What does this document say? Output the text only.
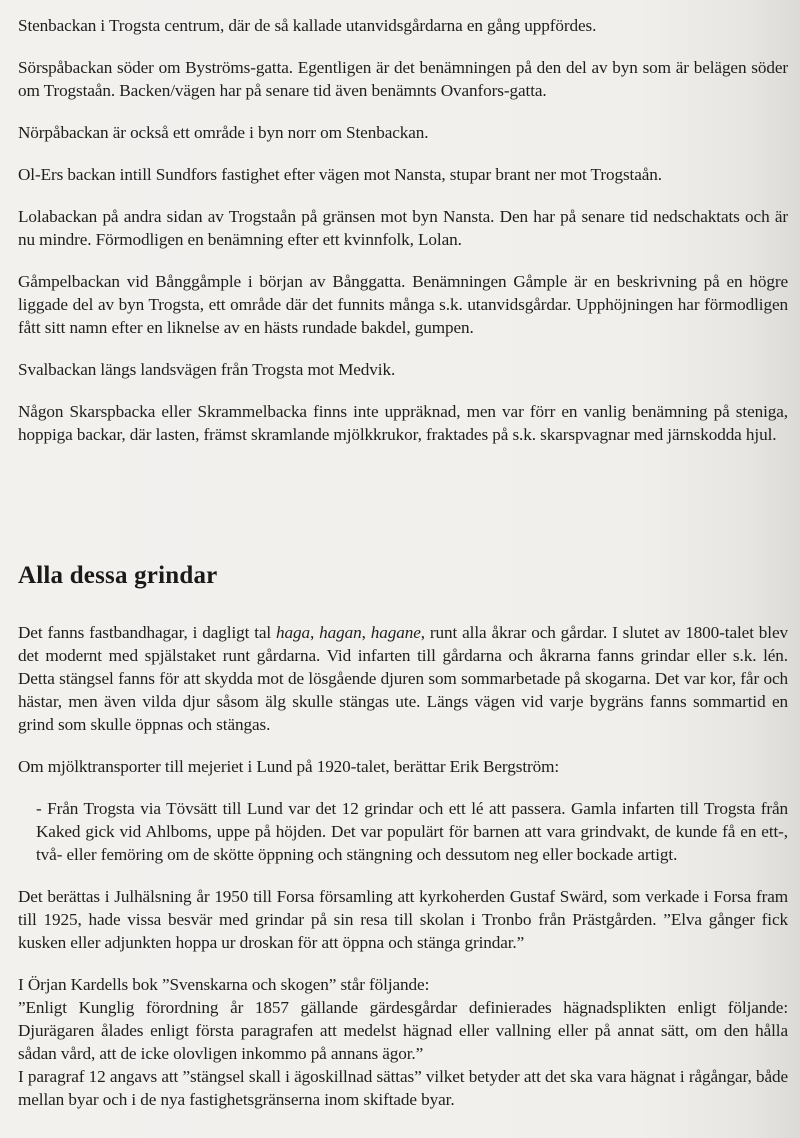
Stenbackan i Trogsta centrum, där de så kallade utanvidsgårdarna en gång uppfördes.

Sörspåbackan söder om Byströms-gatta. Egentligen är det benämningen på den del av byn som är belägen söder om Trogstaån. Backen/vägen har på senare tid även benämnts Ovanfors-gatta.

Nörpåbackan är också ett område i byn norr om Stenbackan.

Ol-Ers backan intill Sundfors fastighet efter vägen mot Nansta, stupar brant ner mot Trogstaån.

Lolabackan på andra sidan av Trogstaån på gränsen mot byn Nansta. Den har på senare tid nedschaktats och är nu mindre. Förmodligen en benämning efter ett kvinnfolk, Lolan.

Gåmpelbackan vid Bånggåmple i början av Bånggatta. Benämningen Gåmple är en beskrivning på en högre liggade del av byn Trogsta, ett område där det funnits många s.k. utanvidsgårdar. Upphöjningen har förmodligen fått sitt namn efter en liknelse av en hästs rundade bakdel, gumpen.

Svalbackan längs landsvägen från Trogsta mot Medvik.

Någon Skarspbacka eller Skrammelbacka finns inte uppräknad, men var förr en vanlig benämning på steniga, hoppiga backar, där lasten, främst skramlande mjölkkrukor, fraktades på s.k. skarspvagnar med järnskodda hjul.

Alla dessa grindar

Det fanns fastbandhagar, i dagligt tal haga, hagan, hagane, runt alla åkrar och gårdar. I slutet av 1800-talet blev det modernt med spjälstaket runt gårdarna. Vid infarten till gårdarna och åkrarna fanns grindar eller s.k. lén. Detta stängsel fanns för att skydda mot de lösgående djuren som sommarbetade på skogarna. Det var kor, får och hästar, men även vilda djur såsom älg skulle stängas ute. Längs vägen vid varje bygräns fanns sommartid en grind som skulle öppnas och stängas.

Om mjölktransporter till mejeriet i Lund på 1920-talet, berättar Erik Bergström:

- Från Trogsta via Tövsätt till Lund var det 12 grindar och ett lé att passera. Gamla infarten till Trogsta från Kaked gick vid Ahlboms, uppe på höjden. Det var populärt för barnen att vara grindvakt, de kunde få en ett-, två- eller femöring om de skötte öppning och stängning och dessutom neg eller bockade artigt.

Det berättas i Julhälsning år 1950 till Forsa församling att kyrkoherden Gustaf Swärd, som verkade i Forsa fram till 1925, hade vissa besvär med grindar på sin resa till skolan i Tronbo från Prästgården. ”Elva gånger fick kusken eller adjunkten hoppa ur droskan för att öppna och stänga grindar.”

I Örjan Kardells bok ”Svenskarna och skogen” står följande:
”Enligt Kunglig förordning år 1857 gällande gärdesgårdar definierades hägnadsplikten enligt följande: Djurägaren ålades enligt första paragrafen att medelst hägnad eller vallning eller på annat sätt, om den hålla sådan vård, att de icke olovligen inkommo på annans ägor.”
I paragraf 12 angavs att ”stängsel skall i ägoskillnad sättas” vilket betyder att det ska vara hägnat i rågångar, både mellan byar och i de nya fastighetsgränserna inom skiftade byar.
